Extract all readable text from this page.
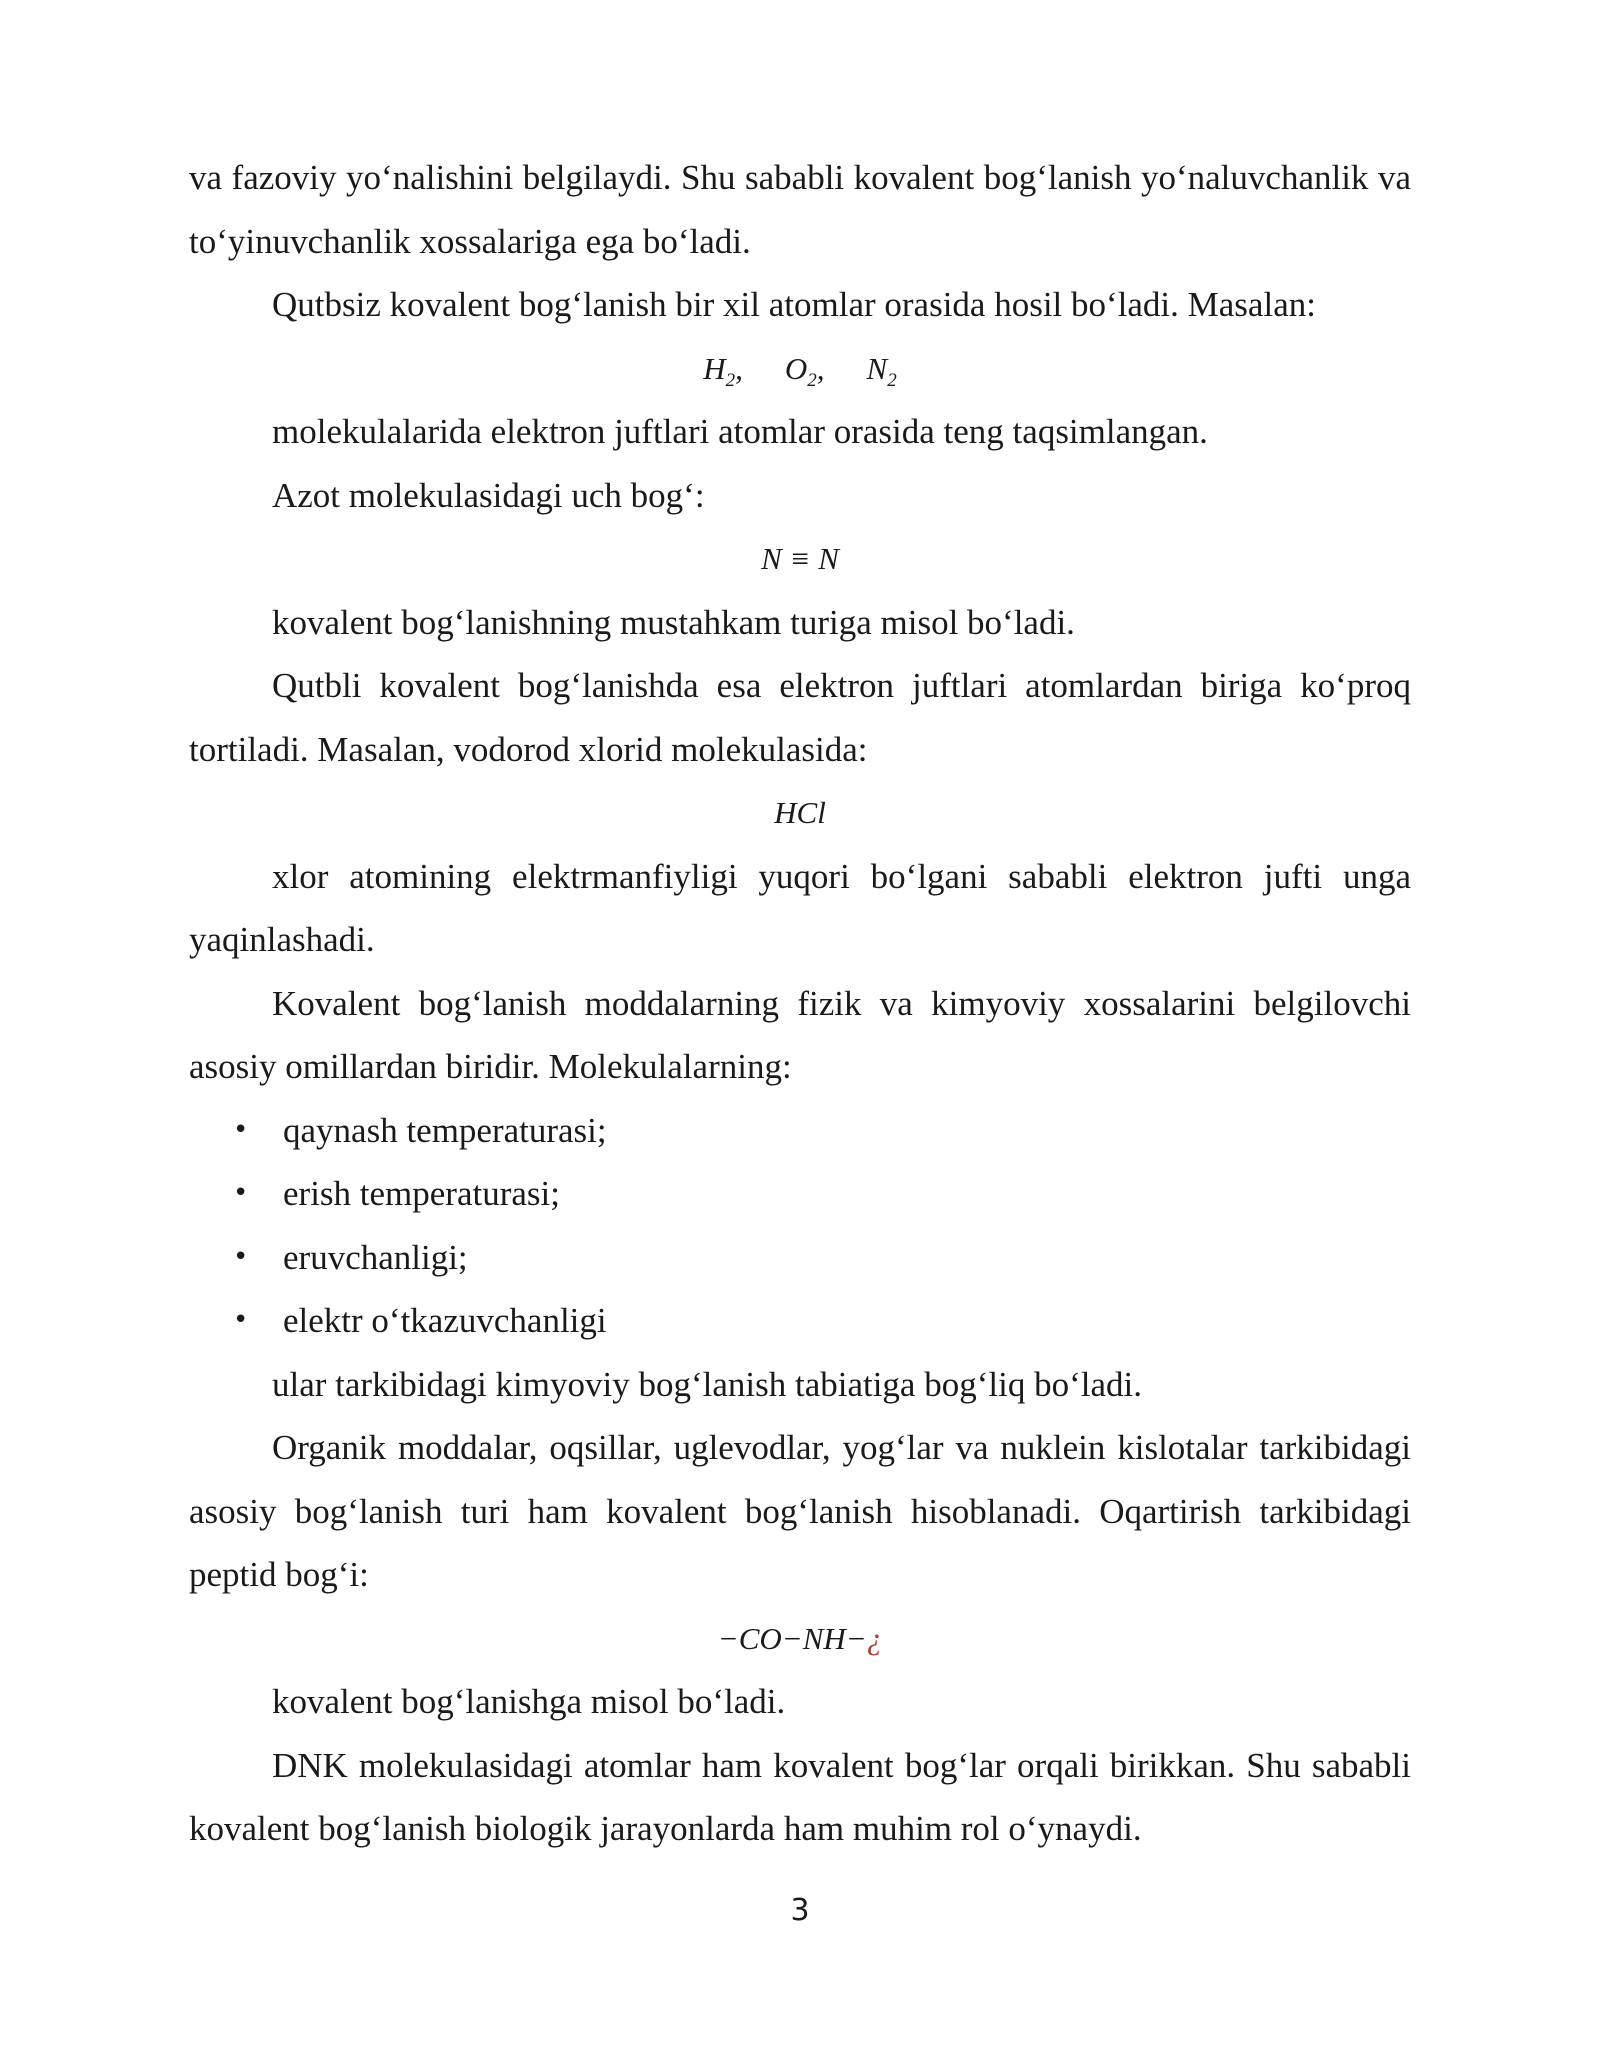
va fazoviy yo‘nalishini belgilaydi. Shu sababli kovalent bog‘lanish yo‘naluvchanlik va to‘yinuvchanlik xossalariga ega bo‘ladi.

Qutbsiz kovalent bog‘lanish bir xil atomlar orasida hosil bo‘ladi. Masalan:

$H_2$, $O_2$, $N_2$

molekulalarida elektron juftlari atomlar orasida teng taqsimlangan.

Azot molekulasidagi uch bog‘:

N ≡ N

kovalent bog‘lanishning mustahkam turiga misol bo‘ladi.

Qutbli kovalent bog‘lanishda esa elektron juftlari atomlardan biriga ko‘proq tortiladi. Masalan, vodorod xlorid molekulasida:

HCl

xlor atomining elektrmanfiyligi yuqori bo‘lgani sababli elektron jufti unga yaqinlashadi.

Kovalent bog‘lanish moddalarning fizik va kimyoviy xossalarini belgilovchi asosiy omillardan biridir. Molekulalarning:

• qaynash temperaturasi;
• erish temperaturasi;
• eruvchanligi;
• elektr o‘tkazuvchanligi

ular tarkibidagi kimyoviy bog‘lanish tabiatiga bog‘liq bo‘ladi.

Organik moddalar, oqsillar, uglevodlar, yog‘lar va nuklein kislotalar tarkibidagi asosiy bog‘lanish turi ham kovalent bog‘lanish hisoblanadi. Oqartirish tarkibidagi peptid bog‘i:

−CO−NH−¿

kovalent bog‘lanishga misol bo‘ladi.

DNK molekulasidagi atomlar ham kovalent bog‘lar orqali birikkan. Shu sababli kovalent bog‘lanish biologik jarayonlarda ham muhim rol o‘ynaydi.

3
